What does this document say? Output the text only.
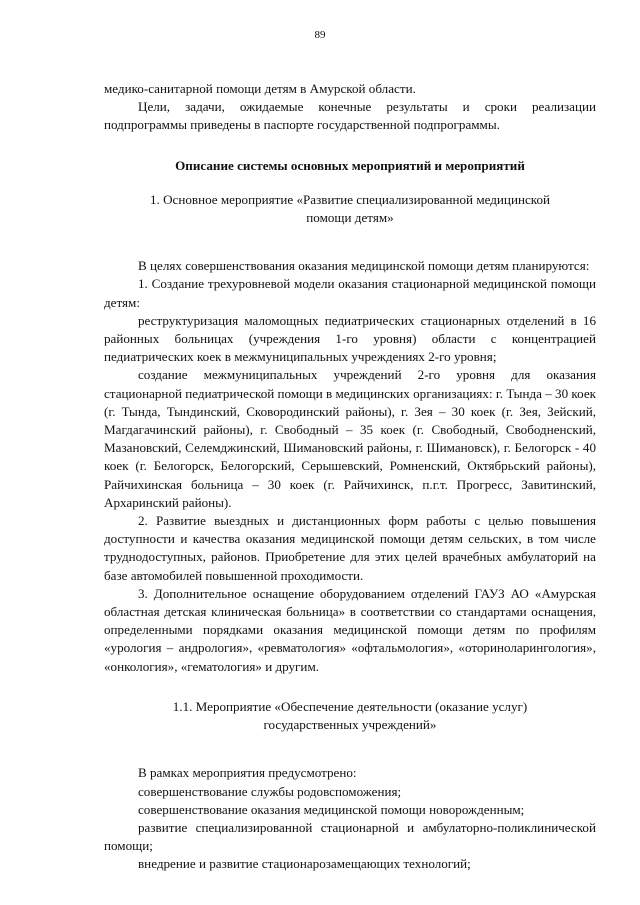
89

медико-санитарной помощи детям в Амурской области.

Цели, задачи, ожидаемые конечные результаты и сроки реализации подпрограммы приведены в паспорте государственной подпрограммы.

Описание системы основных мероприятий и мероприятий

1. Основное мероприятие «Развитие специализированной медицинской помощи детям»

В целях совершенствования оказания медицинской помощи детям планируются:

1. Создание трехуровневой модели оказания стационарной медицинской помощи детям:

реструктуризация маломощных педиатрических стационарных отделений в 16 районных больницах (учреждения 1-го уровня) области с концентрацией педиатрических коек в межмуниципальных учреждениях 2-го уровня;

создание межмуниципальных учреждений 2-го уровня для оказания стационарной педиатрической помощи в медицинских организациях: г. Тында – 30 коек (г. Тында, Тындинский, Сковородинский районы), г. Зея – 30 коек (г. Зея, Зейский, Магдагачинский районы), г. Свободный – 35 коек (г. Свободный, Свободненский, Мазановский, Селемджинский, Шимановский районы, г. Шимановск), г. Белогорск - 40 коек (г. Белогорск, Белогорский, Серышевский, Ромненский, Октябрьский районы), Райчихинская больница – 30 коек (г. Райчихинск, п.г.т. Прогресс, Завитинский, Архаринский районы).

2. Развитие выездных и дистанционных форм работы с целью повышения доступности и качества оказания медицинской помощи детям сельских, в том числе труднодоступных, районов. Приобретение для этих целей врачебных амбулаторий на базе автомобилей повышенной проходимости.

3. Дополнительное оснащение оборудованием отделений ГАУЗ АО «Амурская областная детская клиническая больница» в соответствии со стандартами оснащения, определенными порядками оказания медицинской помощи детям по профилям «урология – андрология», «ревматология» «офтальмология», «оториноларингология», «онкология», «гематология» и другим.

1.1. Мероприятие «Обеспечение деятельности (оказание услуг) государственных учреждений»

В рамках мероприятия предусмотрено:

совершенствование службы родовспоможения;

совершенствование оказания медицинской помощи новорожденным;

развитие специализированной стационарной и амбулаторно-поликлинической помощи;

внедрение и развитие стационарозамещающих технологий;
